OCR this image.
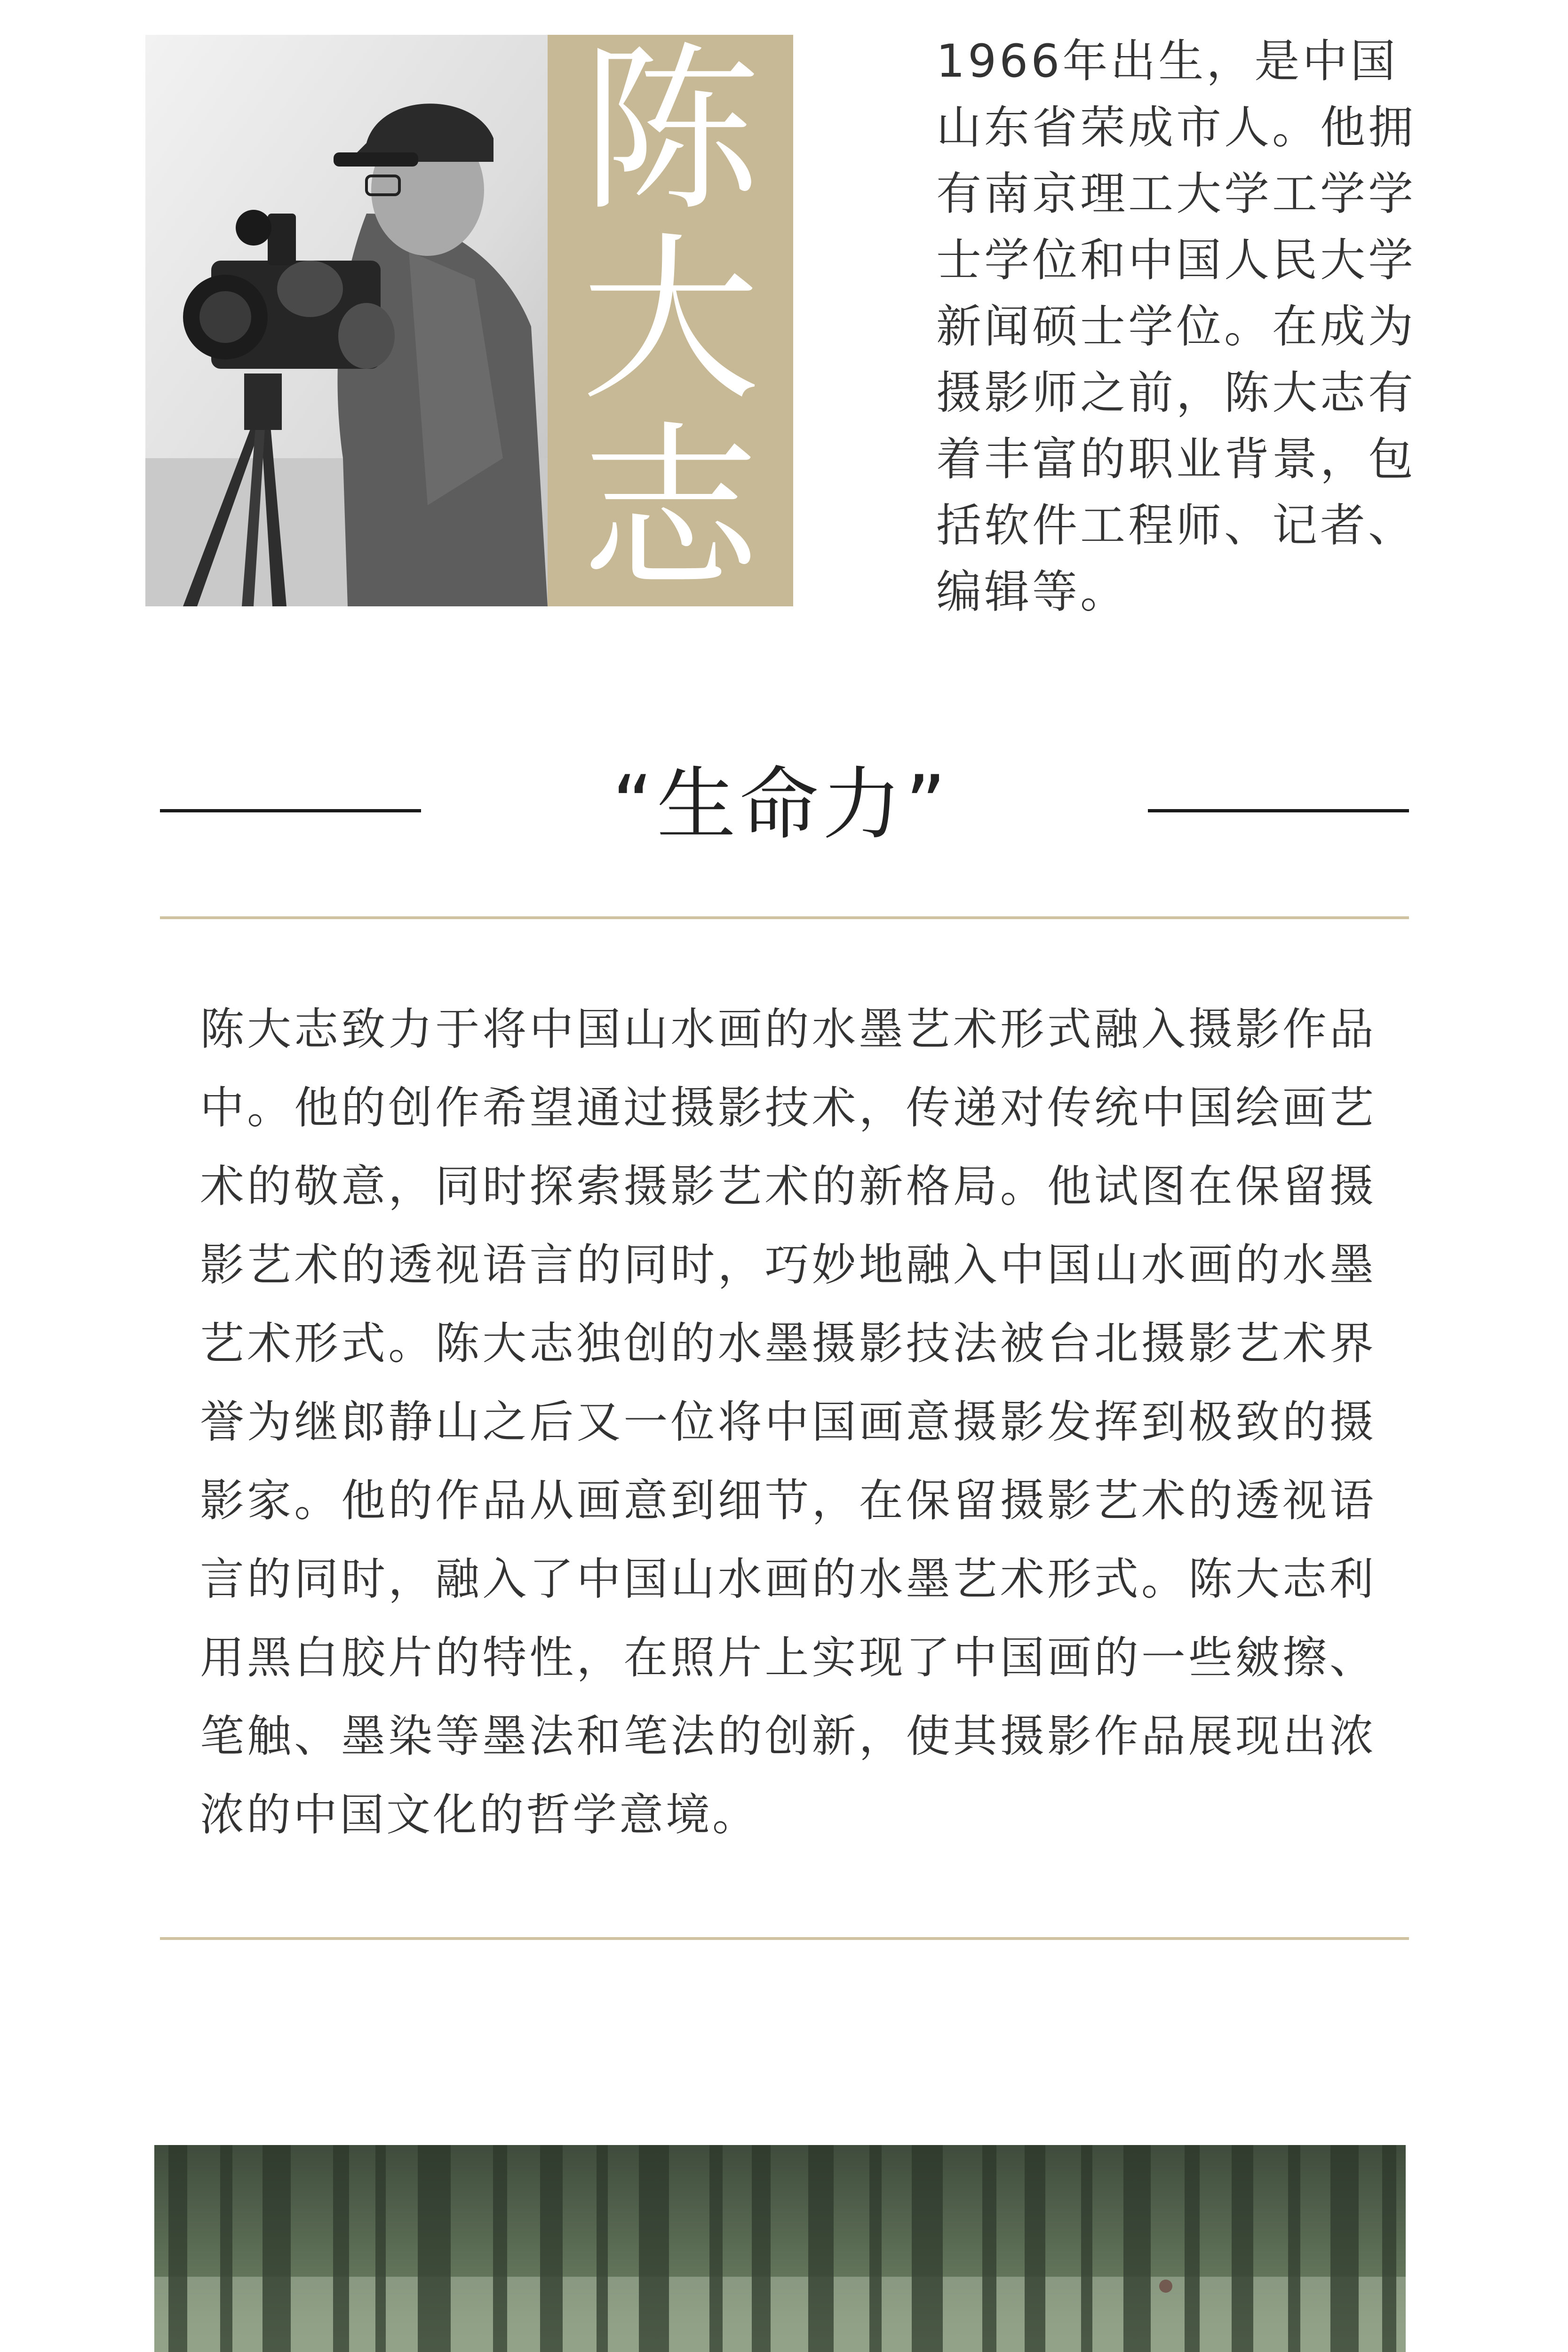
陈
大
志
1966年出生，是中国山东省荣成市人。他拥有南京理工大学工学学士学位和中国人民大学新闻硕士学位。在成为摄影师之前，陈大志有着丰富的职业背景，包括软件工程师、记者、编辑等。
“生命力”
陈大志致力于将中国山水画的水墨艺术形式融入摄影作品中。他的创作希望通过摄影技术，传递对传统中国绘画艺术的敬意，同时探索摄影艺术的新格局。他试图在保留摄影艺术的透视语言的同时，巧妙地融入中国山水画的水墨艺术形式。陈大志独创的水墨摄影技法被台北摄影艺术界誉为继郎静山之后又一位将中国画意摄影发挥到极致的摄影家。他的作品从画意到细节，在保留摄影艺术的透视语言的同时，融入了中国山水画的水墨艺术形式。陈大志利用黑白胶片的特性，在照片上实现了中国画的一些皴擦、笔触、墨染等墨法和笔法的创新，使其摄影作品展现出浓浓的中国文化的哲学意境。
